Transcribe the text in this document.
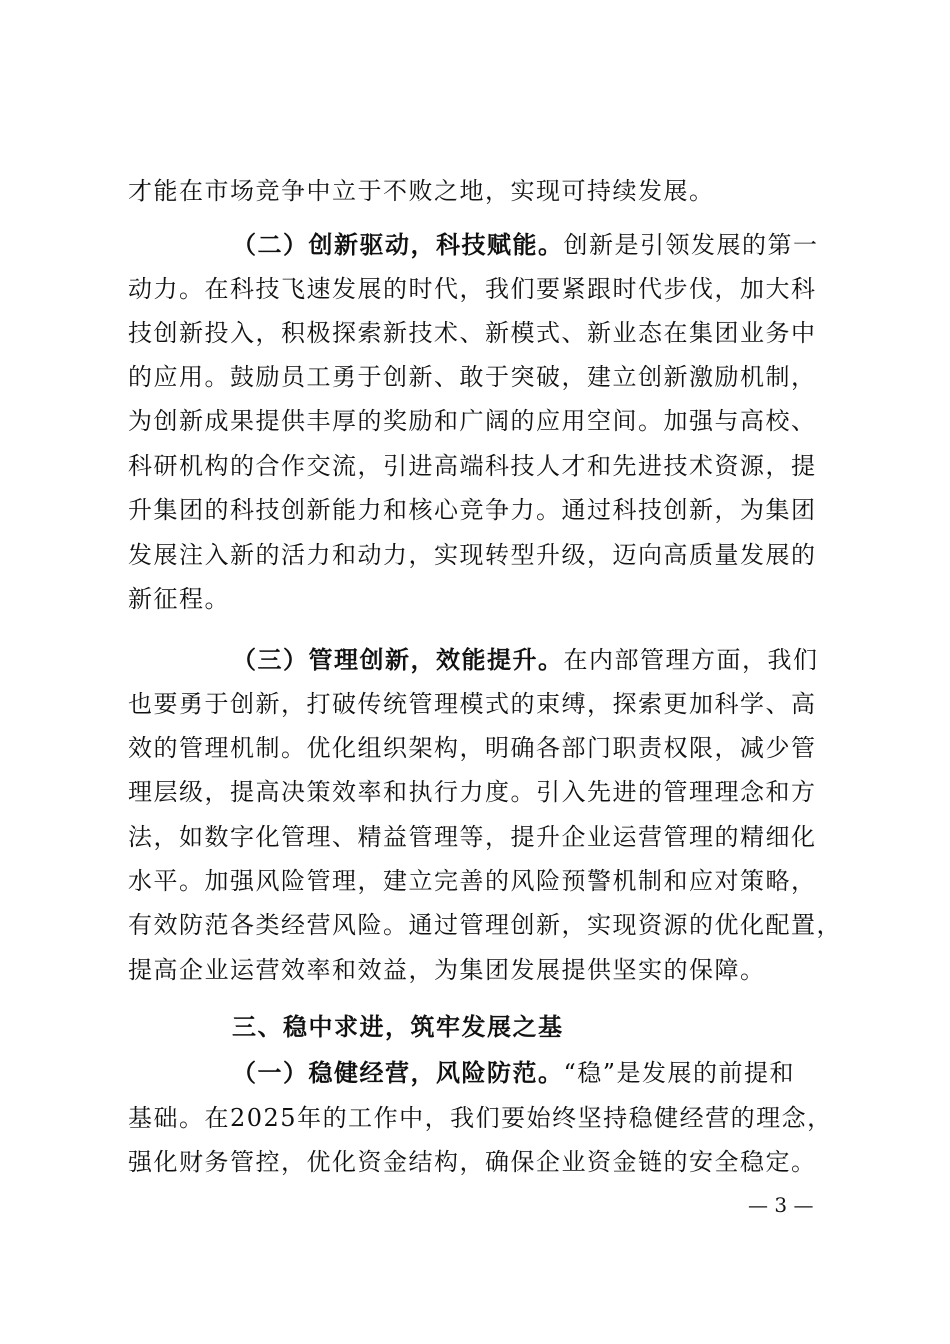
才能在市场竞争中立于不败之地，实现可持续发展。
（二）创新驱动，科技赋能。创新是引领发展的第一
动力。在科技飞速发展的时代，我们要紧跟时代步伐，加大科
技创新投入，积极探索新技术、新模式、新业态在集团业务中
的应用。鼓励员工勇于创新、敢于突破，建立创新激励机制，
为创新成果提供丰厚的奖励和广阔的应用空间。加强与高校、
科研机构的合作交流，引进高端科技人才和先进技术资源，提
升集团的科技创新能力和核心竞争力。通过科技创新，为集团
发展注入新的活力和动力，实现转型升级，迈向高质量发展的
新征程。
（三）管理创新，效能提升。在内部管理方面，我们
也要勇于创新，打破传统管理模式的束缚，探索更加科学、高
效的管理机制。优化组织架构，明确各部门职责权限，减少管
理层级，提高决策效率和执行力度。引入先进的管理理念和方
法，如数字化管理、精益管理等，提升企业运营管理的精细化
水平。加强风险管理，建立完善的风险预警机制和应对策略，
有效防范各类经营风险。通过管理创新，实现资源的优化配置，
提高企业运营效率和效益，为集团发展提供坚实的保障。
三、稳中求进，筑牢发展之基
（一）稳健经营，风险防范。“稳”是发展的前提和
基础。在2025年的工作中，我们要始终坚持稳健经营的理念，
强化财务管控，优化资金结构，确保企业资金链的安全稳定。
— 3 —
